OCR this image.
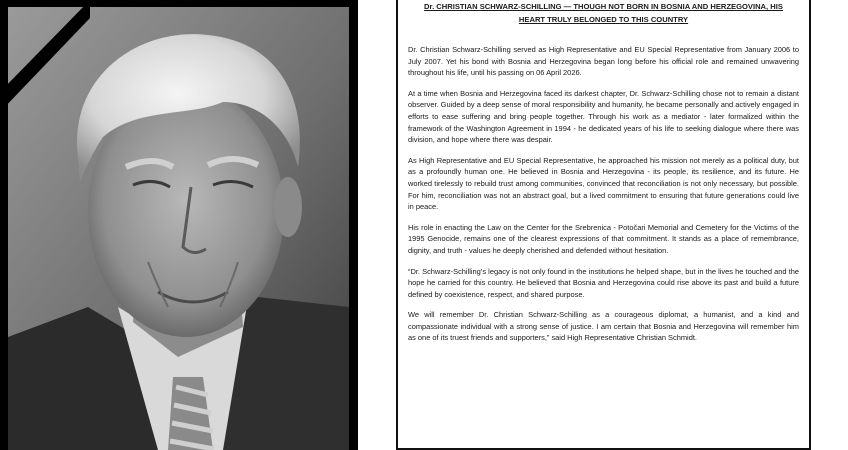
Dr. CHRISTIAN SCHWARZ-SCHILLING — THOUGH NOT BORN IN BOSNIA AND HERZEGOVINA, HIS
HEART TRULY BELONGED TO THIS COUNTRY

Dr. Christian Schwarz-Schilling served as High Representative and EU Special Representative from January 2006 to July 2007. Yet his bond with Bosnia and Herzegovina began long before his official role and remained unwavering throughout his life, until his passing on 06 April 2026.

At a time when Bosnia and Herzegovina faced its darkest chapter, Dr. Schwarz-Schilling chose not to remain a distant observer. Guided by a deep sense of moral responsibility and humanity, he became personally and actively engaged in efforts to ease suffering and bring people together. Through his work as a mediator - later formalized within the framework of the Washington Agreement in 1994 - he dedicated years of his life to seeking dialogue where there was division, and hope where there was despair.

As High Representative and EU Special Representative, he approached his mission not merely as a political duty, but as a profoundly human one. He believed in Bosnia and Herzegovina - its people, its resilience, and its future. He worked tirelessly to rebuild trust among communities, convinced that reconciliation is not only necessary, but possible. For him, reconciliation was not an abstract goal, but a lived commitment to ensuring that future generations could live in peace.

His role in enacting the Law on the Center for the Srebrenica - Potočari Memorial and Cemetery for the Victims of the 1995 Genocide, remains one of the clearest expressions of that commitment. It stands as a place of remembrance, dignity, and truth - values he deeply cherished and defended without hesitation.

“Dr. Schwarz-Schilling’s legacy is not only found in the institutions he helped shape, but in the lives he touched and the hope he carried for this country. He believed that Bosnia and Herzegovina could rise above its past and build a future defined by coexistence, respect, and shared purpose.

We will remember Dr. Christian Schwarz-Schilling as a courageous diplomat, a humanist, and a kind and compassionate individual with a strong sense of justice. I am certain that Bosnia and Herzegovina will remember him as one of its truest friends and supporters,” said High Representative Christian Schmidt.
